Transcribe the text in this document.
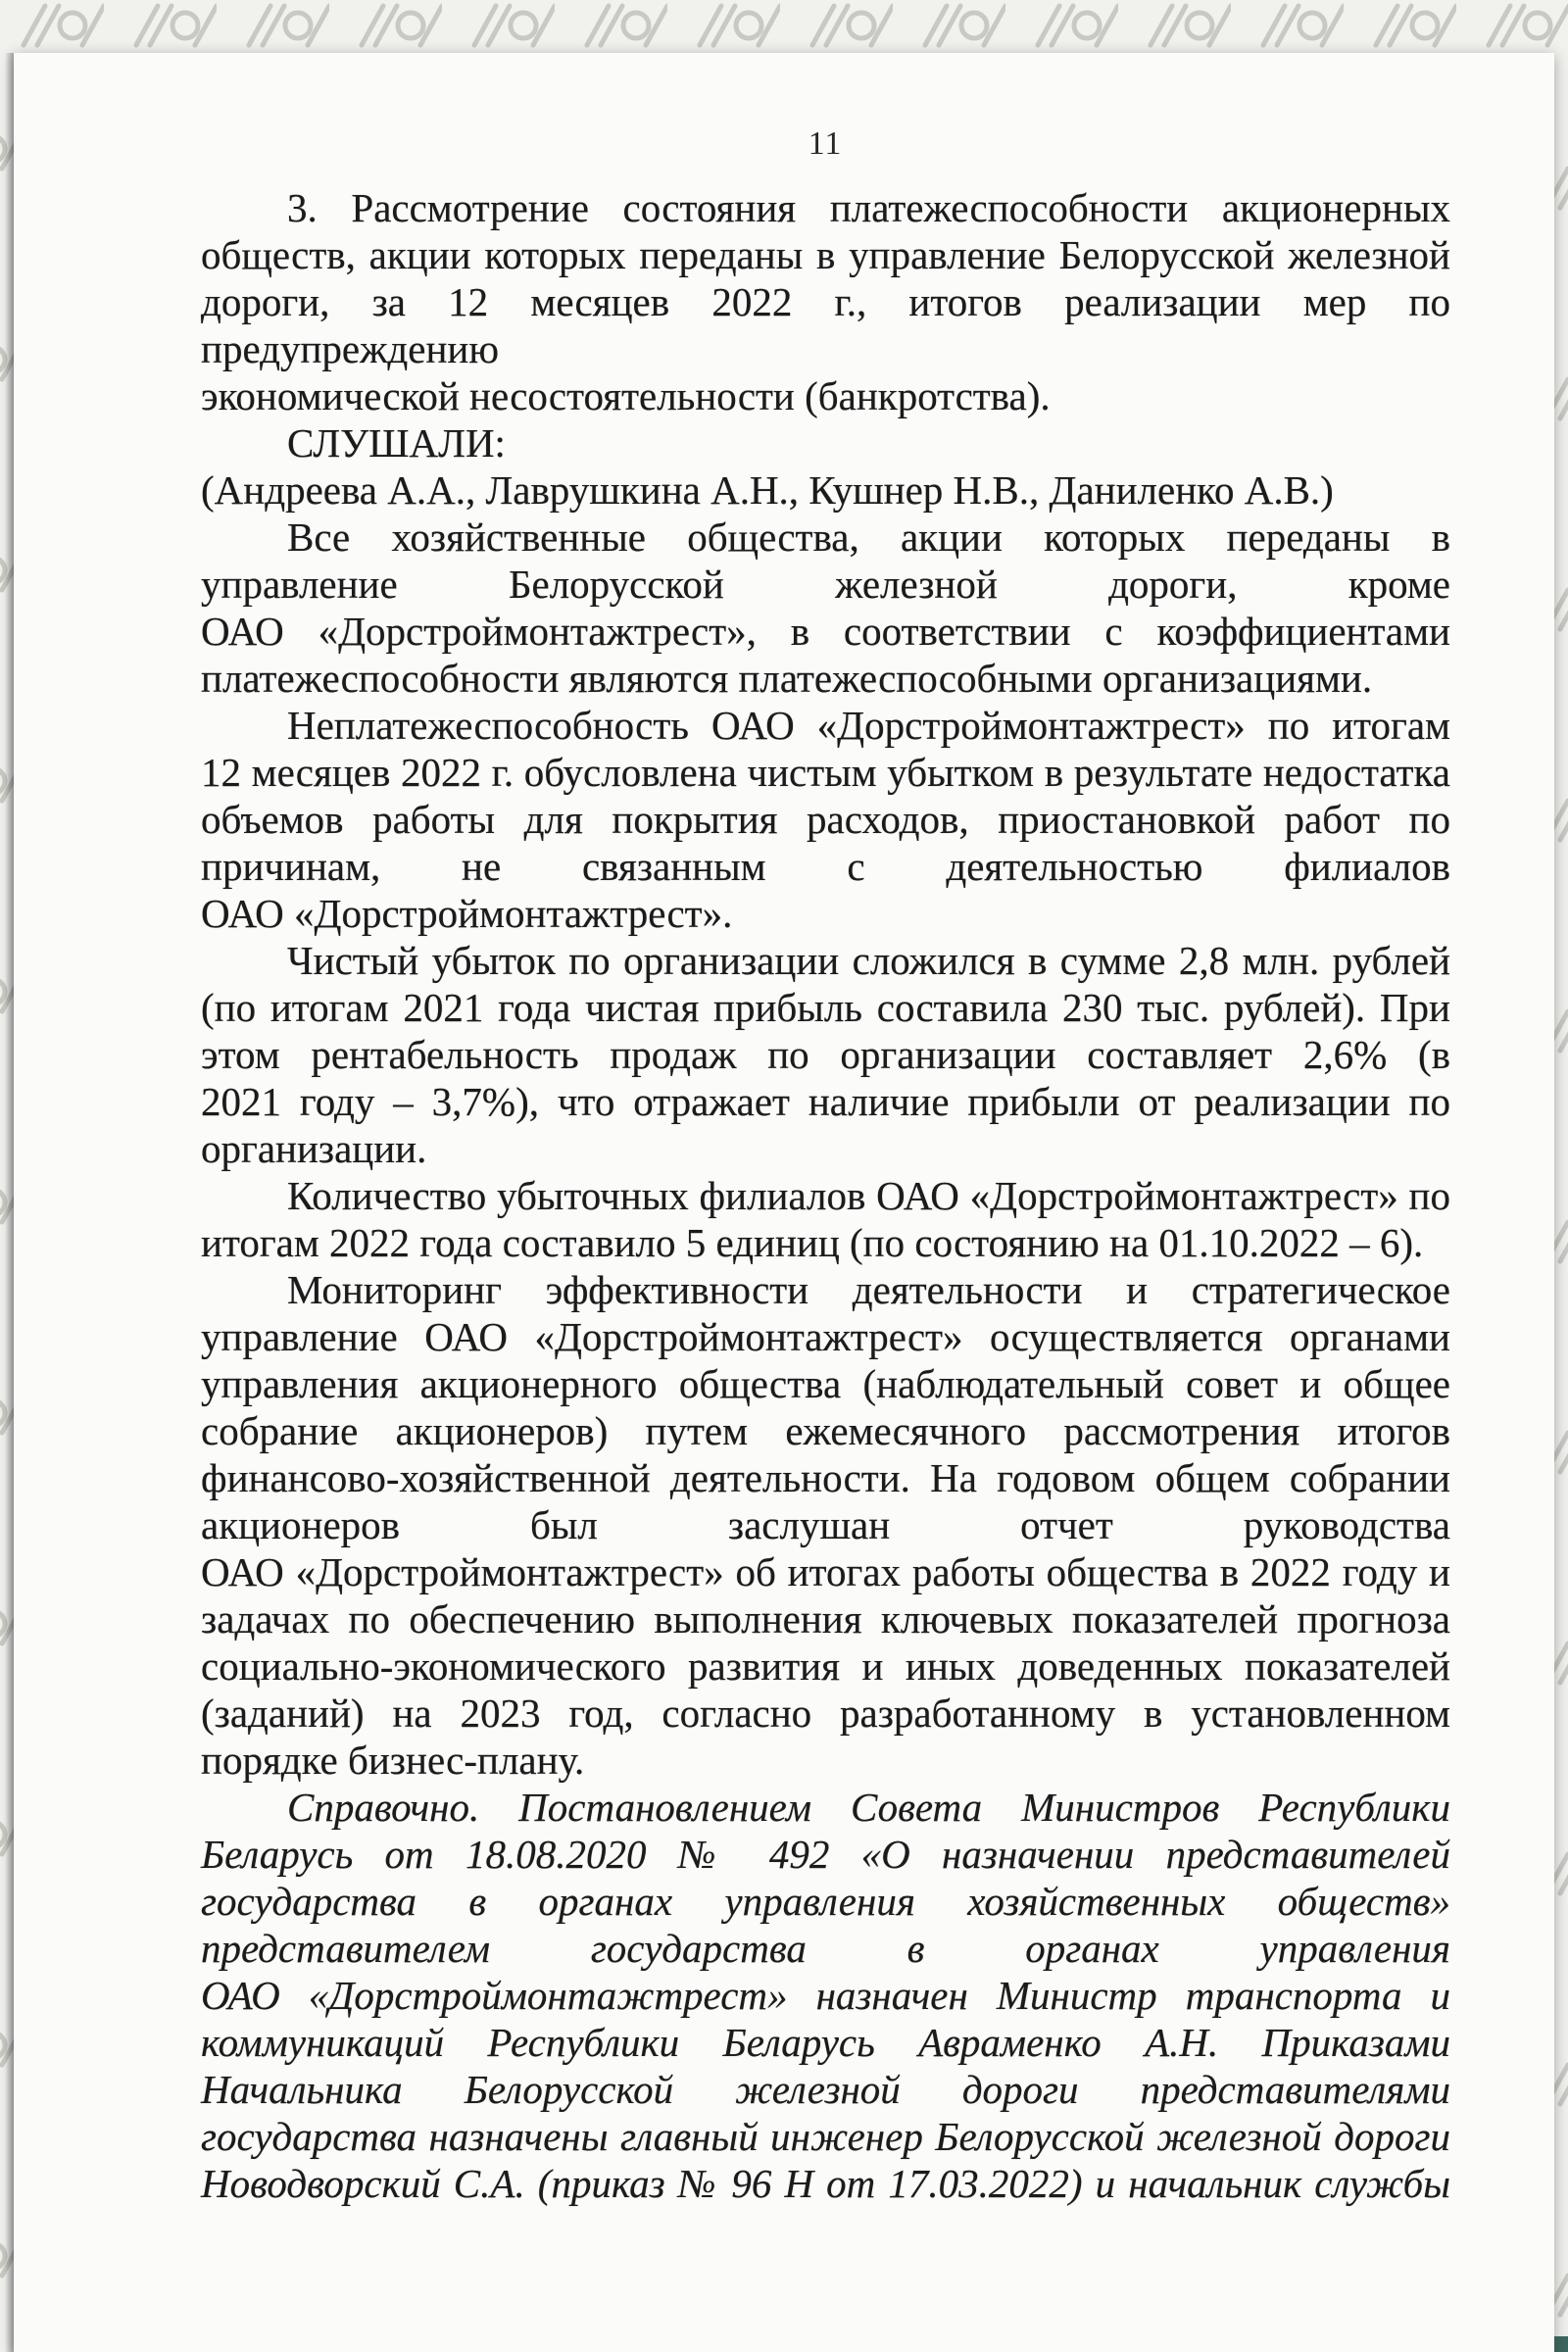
11
3. Рассмотрение состояния платежеспособности акционерных
обществ, акции которых переданы в управление Белорусской железной
дороги, за 12 месяцев 2022 г., итогов реализации мер по предупреждению
экономической несостоятельности (банкротства).
СЛУШАЛИ:
(Андреева А.А., Лаврушкина А.Н., Кушнер Н.В., Даниленко А.В.)
Все хозяйственные общества, акции которых переданы в
управление Белорусской железной дороги, кроме
ОАО «Дорстроймонтажтрест», в соответствии с коэффициентами
платежеспособности являются платежеспособными организациями.
Неплатежеспособность ОАО «Дорстроймонтажтрест» по итогам
12 месяцев 2022 г. обусловлена чистым убытком в результате недостатка
объемов работы для покрытия расходов, приостановкой работ по
причинам, не связанным с деятельностью филиалов
ОАО «Дорстроймонтажтрест».
Чистый убыток по организации сложился в сумме 2,8 млн. рублей
(по итогам 2021 года чистая прибыль составила 230 тыс. рублей). При
этом рентабельность продаж по организации составляет 2,6% (в
2021 году – 3,7%), что отражает наличие прибыли от реализации по
организации.
Количество убыточных филиалов ОАО «Дорстроймонтажтрест» по
итогам 2022 года составило 5 единиц (по состоянию на 01.10.2022 – 6).
Мониторинг эффективности деятельности и стратегическое
управление ОАО «Дорстроймонтажтрест» осуществляется органами
управления акционерного общества (наблюдательный совет и общее
собрание акционеров) путем ежемесячного рассмотрения итогов
финансово-хозяйственной деятельности. На годовом общем собрании
акционеров был заслушан отчет руководства
ОАО «Дорстроймонтажтрест» об итогах работы общества в 2022 году и
задачах по обеспечению выполнения ключевых показателей прогноза
социально-экономического развития и иных доведенных показателей
(заданий) на 2023 год, согласно разработанному в установленном
порядке бизнес-плану.
Справочно. Постановлением Совета Министров Республики
Беларусь от 18.08.2020 № 492 «О назначении представителей
государства в органах управления хозяйственных обществ»
представителем государства в органах управления
ОАО «Дорстроймонтажтрест» назначен Министр транспорта и
коммуникаций Республики Беларусь Авраменко А.Н. Приказами
Начальника Белорусской железной дороги представителями
государства назначены главный инженер Белорусской железной дороги
Новодворский С.А. (приказ № 96 Н от 17.03.2022) и начальник службы
